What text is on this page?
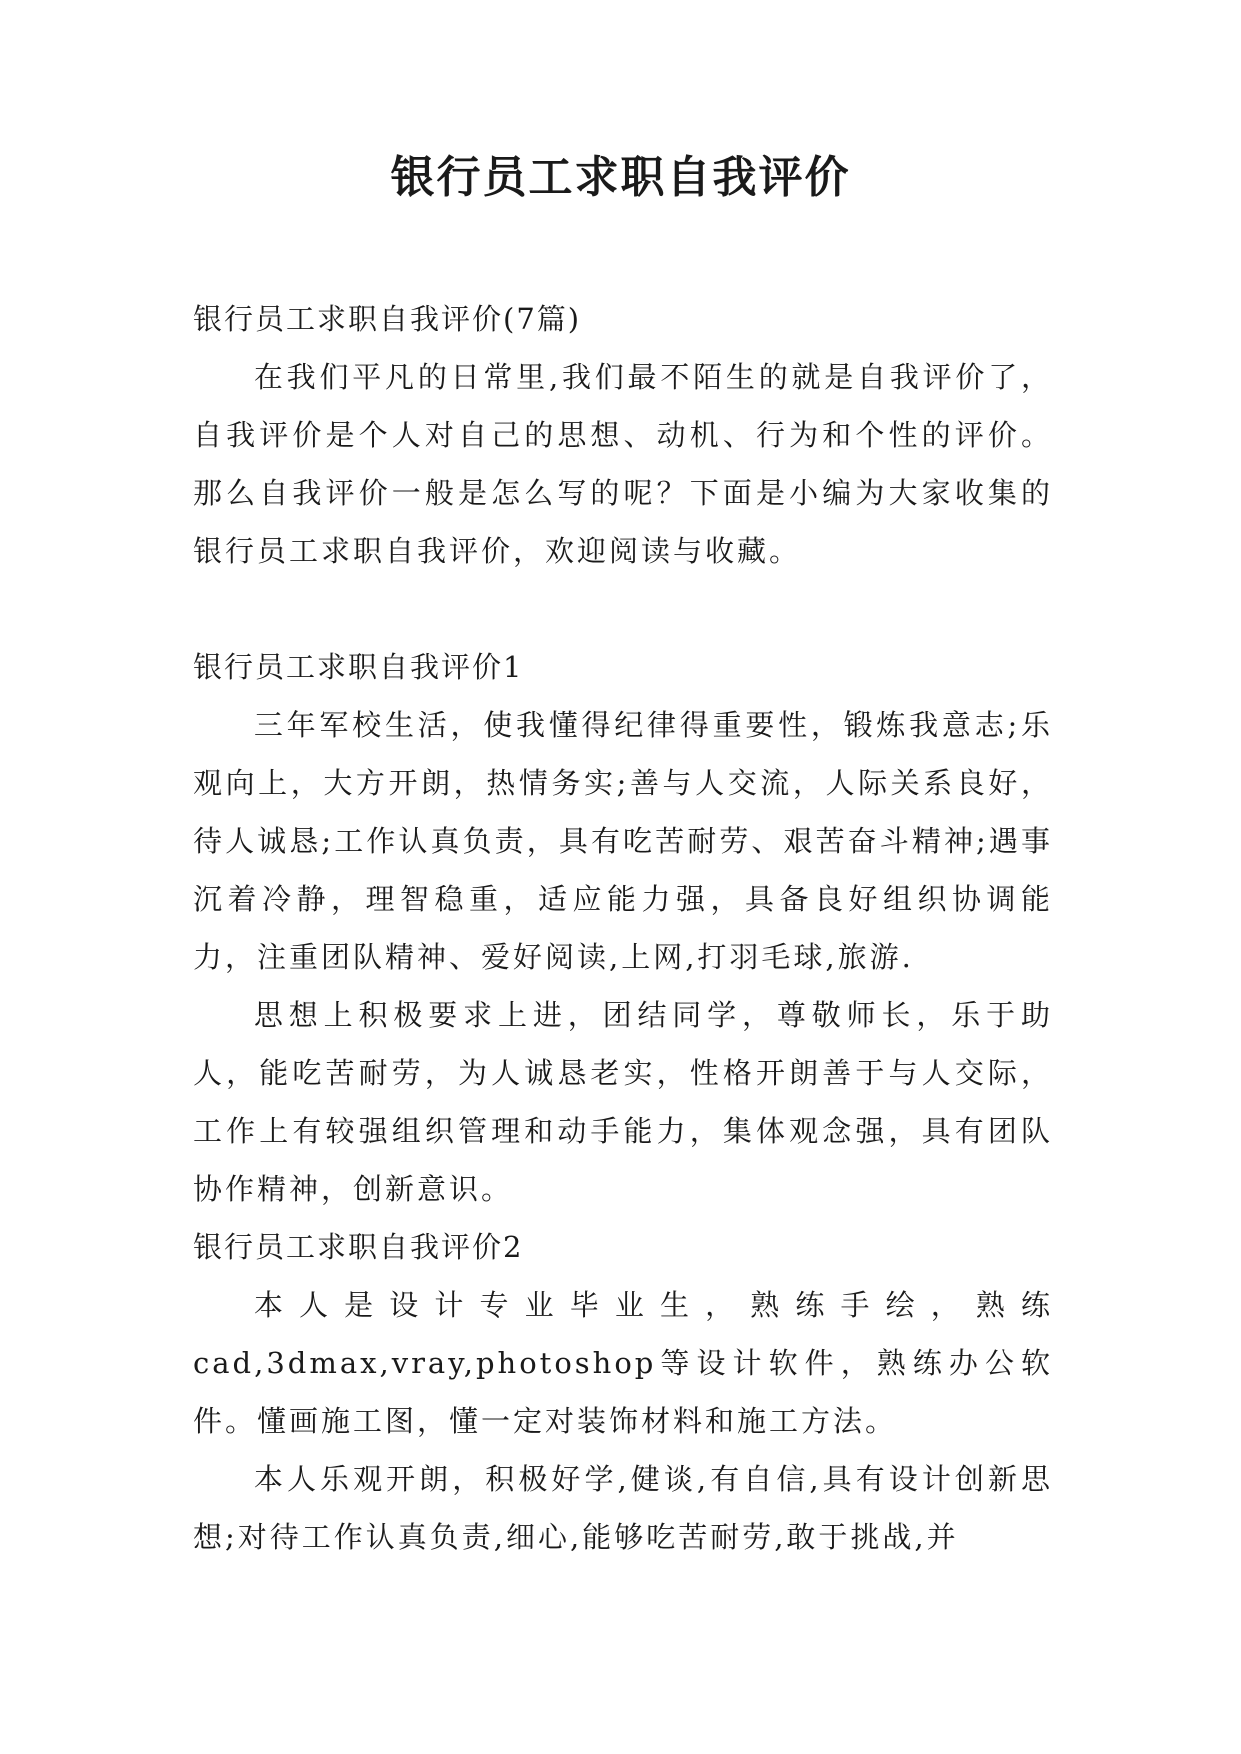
银行员工求职自我评价

银行员工求职自我评价(7篇)

在我们平凡的日常里,我们最不陌生的就是自我评价了，自我评价是个人对自己的思想、动机、行为和个性的评价。那么自我评价一般是怎么写的呢？下面是小编为大家收集的银行员工求职自我评价，欢迎阅读与收藏。

银行员工求职自我评价1

三年军校生活，使我懂得纪律得重要性，锻炼我意志;乐观向上，大方开朗，热情务实;善与人交流，人际关系良好，待人诚恳;工作认真负责，具有吃苦耐劳、艰苦奋斗精神;遇事沉着冷静，理智稳重，适应能力强，具备良好组织协调能力，注重团队精神、爱好阅读,上网,打羽毛球,旅游.

思想上积极要求上进，团结同学，尊敬师长，乐于助人，能吃苦耐劳，为人诚恳老实，性格开朗善于与人交际，工作上有较强组织管理和动手能力，集体观念强，具有团队协作精神，创新意识。

银行员工求职自我评价2

本人是设计专业毕业生，熟练手绘，熟练cad,3dmax,vray,photoshop等设计软件，熟练办公软件。懂画施工图，懂一定对装饰材料和施工方法。

本人乐观开朗，积极好学,健谈,有自信,具有设计创新思想;对待工作认真负责,细心,能够吃苦耐劳,敢于挑战,并
